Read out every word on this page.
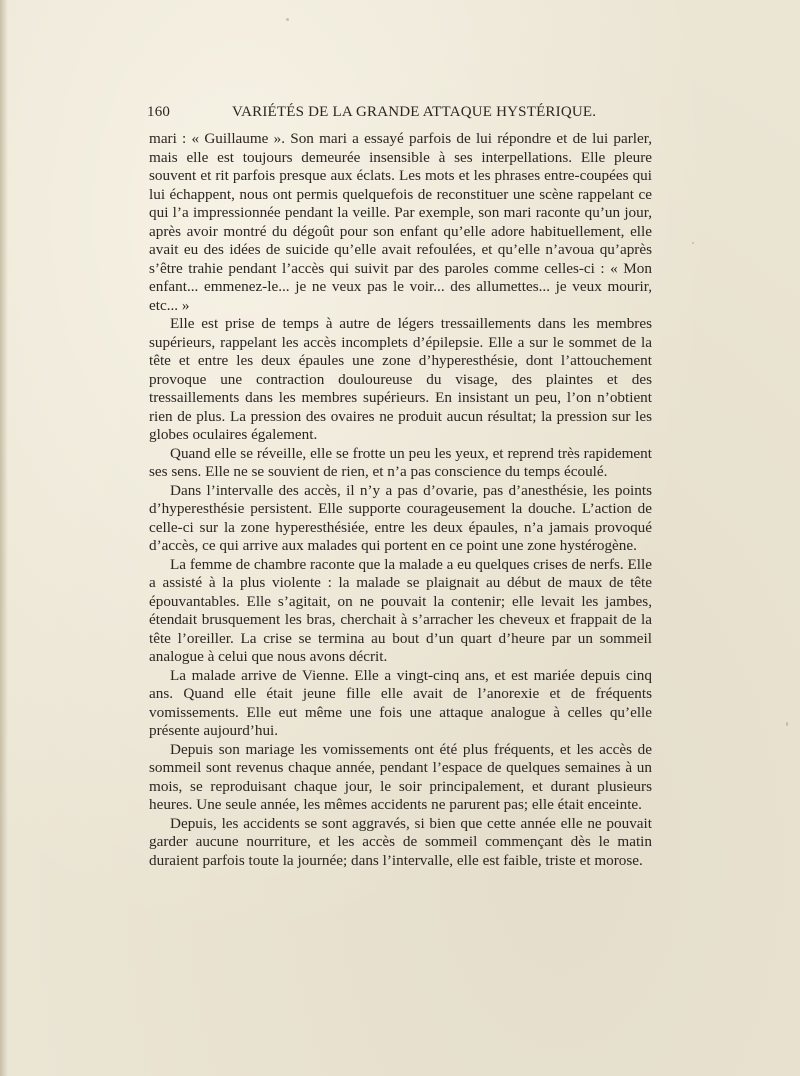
160	VARIÉTÉS DE LA GRANDE ATTAQUE HYSTÉRIQUE.

mari : « Guillaume ». Son mari a essayé parfois de lui répondre et de lui parler, mais elle est toujours demeurée insensible à ses interpellations. Elle pleure souvent et rit parfois presque aux éclats. Les mots et les phrases entre-coupées qui lui échappent, nous ont permis quelquefois de reconstituer une scène rappelant ce qui l’a impressionnée pendant la veille. Par exemple, son mari raconte qu’un jour, après avoir montré du dégoût pour son enfant qu’elle adore habituellement, elle avait eu des idées de suicide qu’elle avait refoulées, et qu’elle n’avoua qu’après s’être trahie pendant l’accès qui suivit par des paroles comme celles-ci : « Mon enfant... emmenez-le... je ne veux pas le voir... des allumettes... je veux mourir, etc... »

Elle est prise de temps à autre de légers tressaillements dans les membres supérieurs, rappelant les accès incomplets d’épilepsie. Elle a sur le sommet de la tête et entre les deux épaules une zone d’hyperesthésie, dont l’attouchement provoque une contraction douloureuse du visage, des plaintes et des tressaillements dans les membres supérieurs. En insistant un peu, l’on n’obtient rien de plus. La pression des ovaires ne produit aucun résultat; la pression sur les globes oculaires également.

Quand elle se réveille, elle se frotte un peu les yeux, et reprend très rapidement ses sens. Elle ne se souvient de rien, et n’a pas conscience du temps écoulé.

Dans l’intervalle des accès, il n’y a pas d’ovarie, pas d’anesthésie, les points d’hyperesthésie persistent. Elle supporte courageusement la douche. L’action de celle-ci sur la zone hyperesthésiée, entre les deux épaules, n’a jamais provoqué d’accès, ce qui arrive aux malades qui portent en ce point une zone hystérogène.

La femme de chambre raconte que la malade a eu quelques crises de nerfs. Elle a assisté à la plus violente : la malade se plaignait au début de maux de tête épouvantables. Elle s’agitait, on ne pouvait la contenir; elle levait les jambes, étendait brusquement les bras, cherchait à s’arracher les cheveux et frappait de la tête l’oreiller. La crise se termina au bout d’un quart d’heure par un sommeil analogue à celui que nous avons décrit.

La malade arrive de Vienne. Elle a vingt-cinq ans, et est mariée depuis cinq ans. Quand elle était jeune fille elle avait de l’anorexie et de fréquents vomissements. Elle eut même une fois une attaque analogue à celles qu’elle présente aujourd’hui.

Depuis son mariage les vomissements ont été plus fréquents, et les accès de sommeil sont revenus chaque année, pendant l’espace de quelques semaines à un mois, se reproduisant chaque jour, le soir principalement, et durant plusieurs heures. Une seule année, les mêmes accidents ne parurent pas; elle était enceinte.

Depuis, les accidents se sont aggravés, si bien que cette année elle ne pouvait garder aucune nourriture, et les accès de sommeil commençant dès le matin duraient parfois toute la journée; dans l’intervalle, elle est faible, triste et morose.
